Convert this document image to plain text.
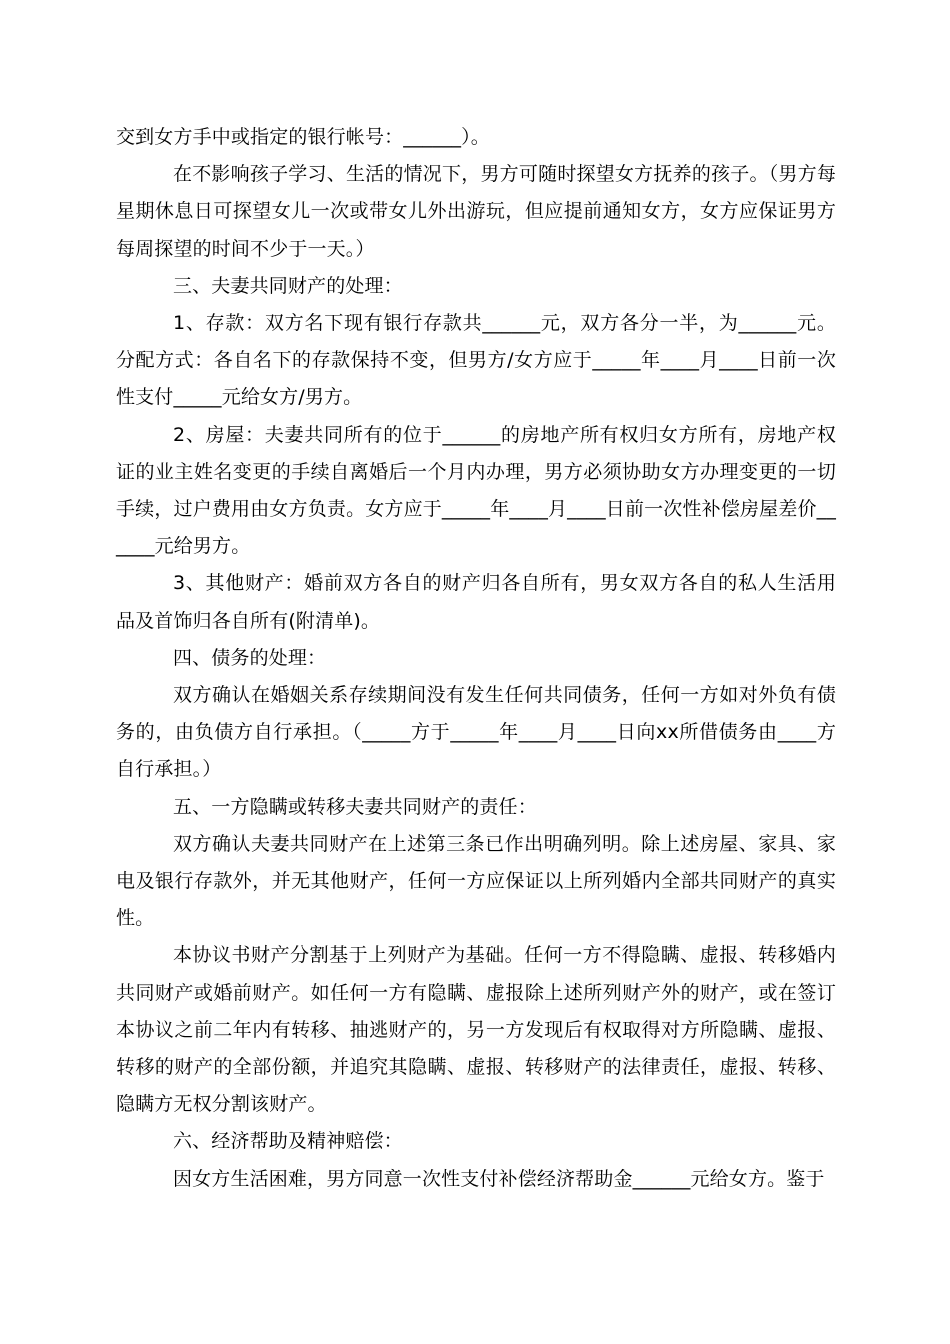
交到女方手中或指定的银行帐号：______）。

在不影响孩子学习、生活的情况下，男方可随时探望女方抚养的孩子。（男方每星期休息日可探望女儿一次或带女儿外出游玩，但应提前通知女方，女方应保证男方每周探望的时间不少于一天。）

三、夫妻共同财产的处理：

1、存款：双方名下现有银行存款共______元，双方各分一半，为______元。分配方式：各自名下的存款保持不变，但男方/女方应于_____年____月____日前一次性支付_____元给女方/男方。

2、房屋：夫妻共同所有的位于______的房地产所有权归女方所有，房地产权证的业主姓名变更的手续自离婚后一个月内办理，男方必须协助女方办理变更的一切手续，过户费用由女方负责。女方应于_____年____月____日前一次性补偿房屋差价______元给男方。

3、其他财产：婚前双方各自的财产归各自所有，男女双方各自的私人生活用品及首饰归各自所有(附清单)。

四、债务的处理：

双方确认在婚姻关系存续期间没有发生任何共同债务，任何一方如对外负有债务的，由负债方自行承担。（_____方于_____年____月____日向xx所借债务由____方自行承担。）

五、一方隐瞒或转移夫妻共同财产的责任：

双方确认夫妻共同财产在上述第三条已作出明确列明。除上述房屋、家具、家电及银行存款外，并无其他财产，任何一方应保证以上所列婚内全部共同财产的真实性。

本协议书财产分割基于上列财产为基础。任何一方不得隐瞒、虚报、转移婚内共同财产或婚前财产。如任何一方有隐瞒、虚报除上述所列财产外的财产，或在签订本协议之前二年内有转移、抽逃财产的，另一方发现后有权取得对方所隐瞒、虚报、转移的财产的全部份额，并追究其隐瞒、虚报、转移财产的法律责任，虚报、转移、隐瞒方无权分割该财产。

六、经济帮助及精神赔偿：

因女方生活困难，男方同意一次性支付补偿经济帮助金______元给女方。鉴于
